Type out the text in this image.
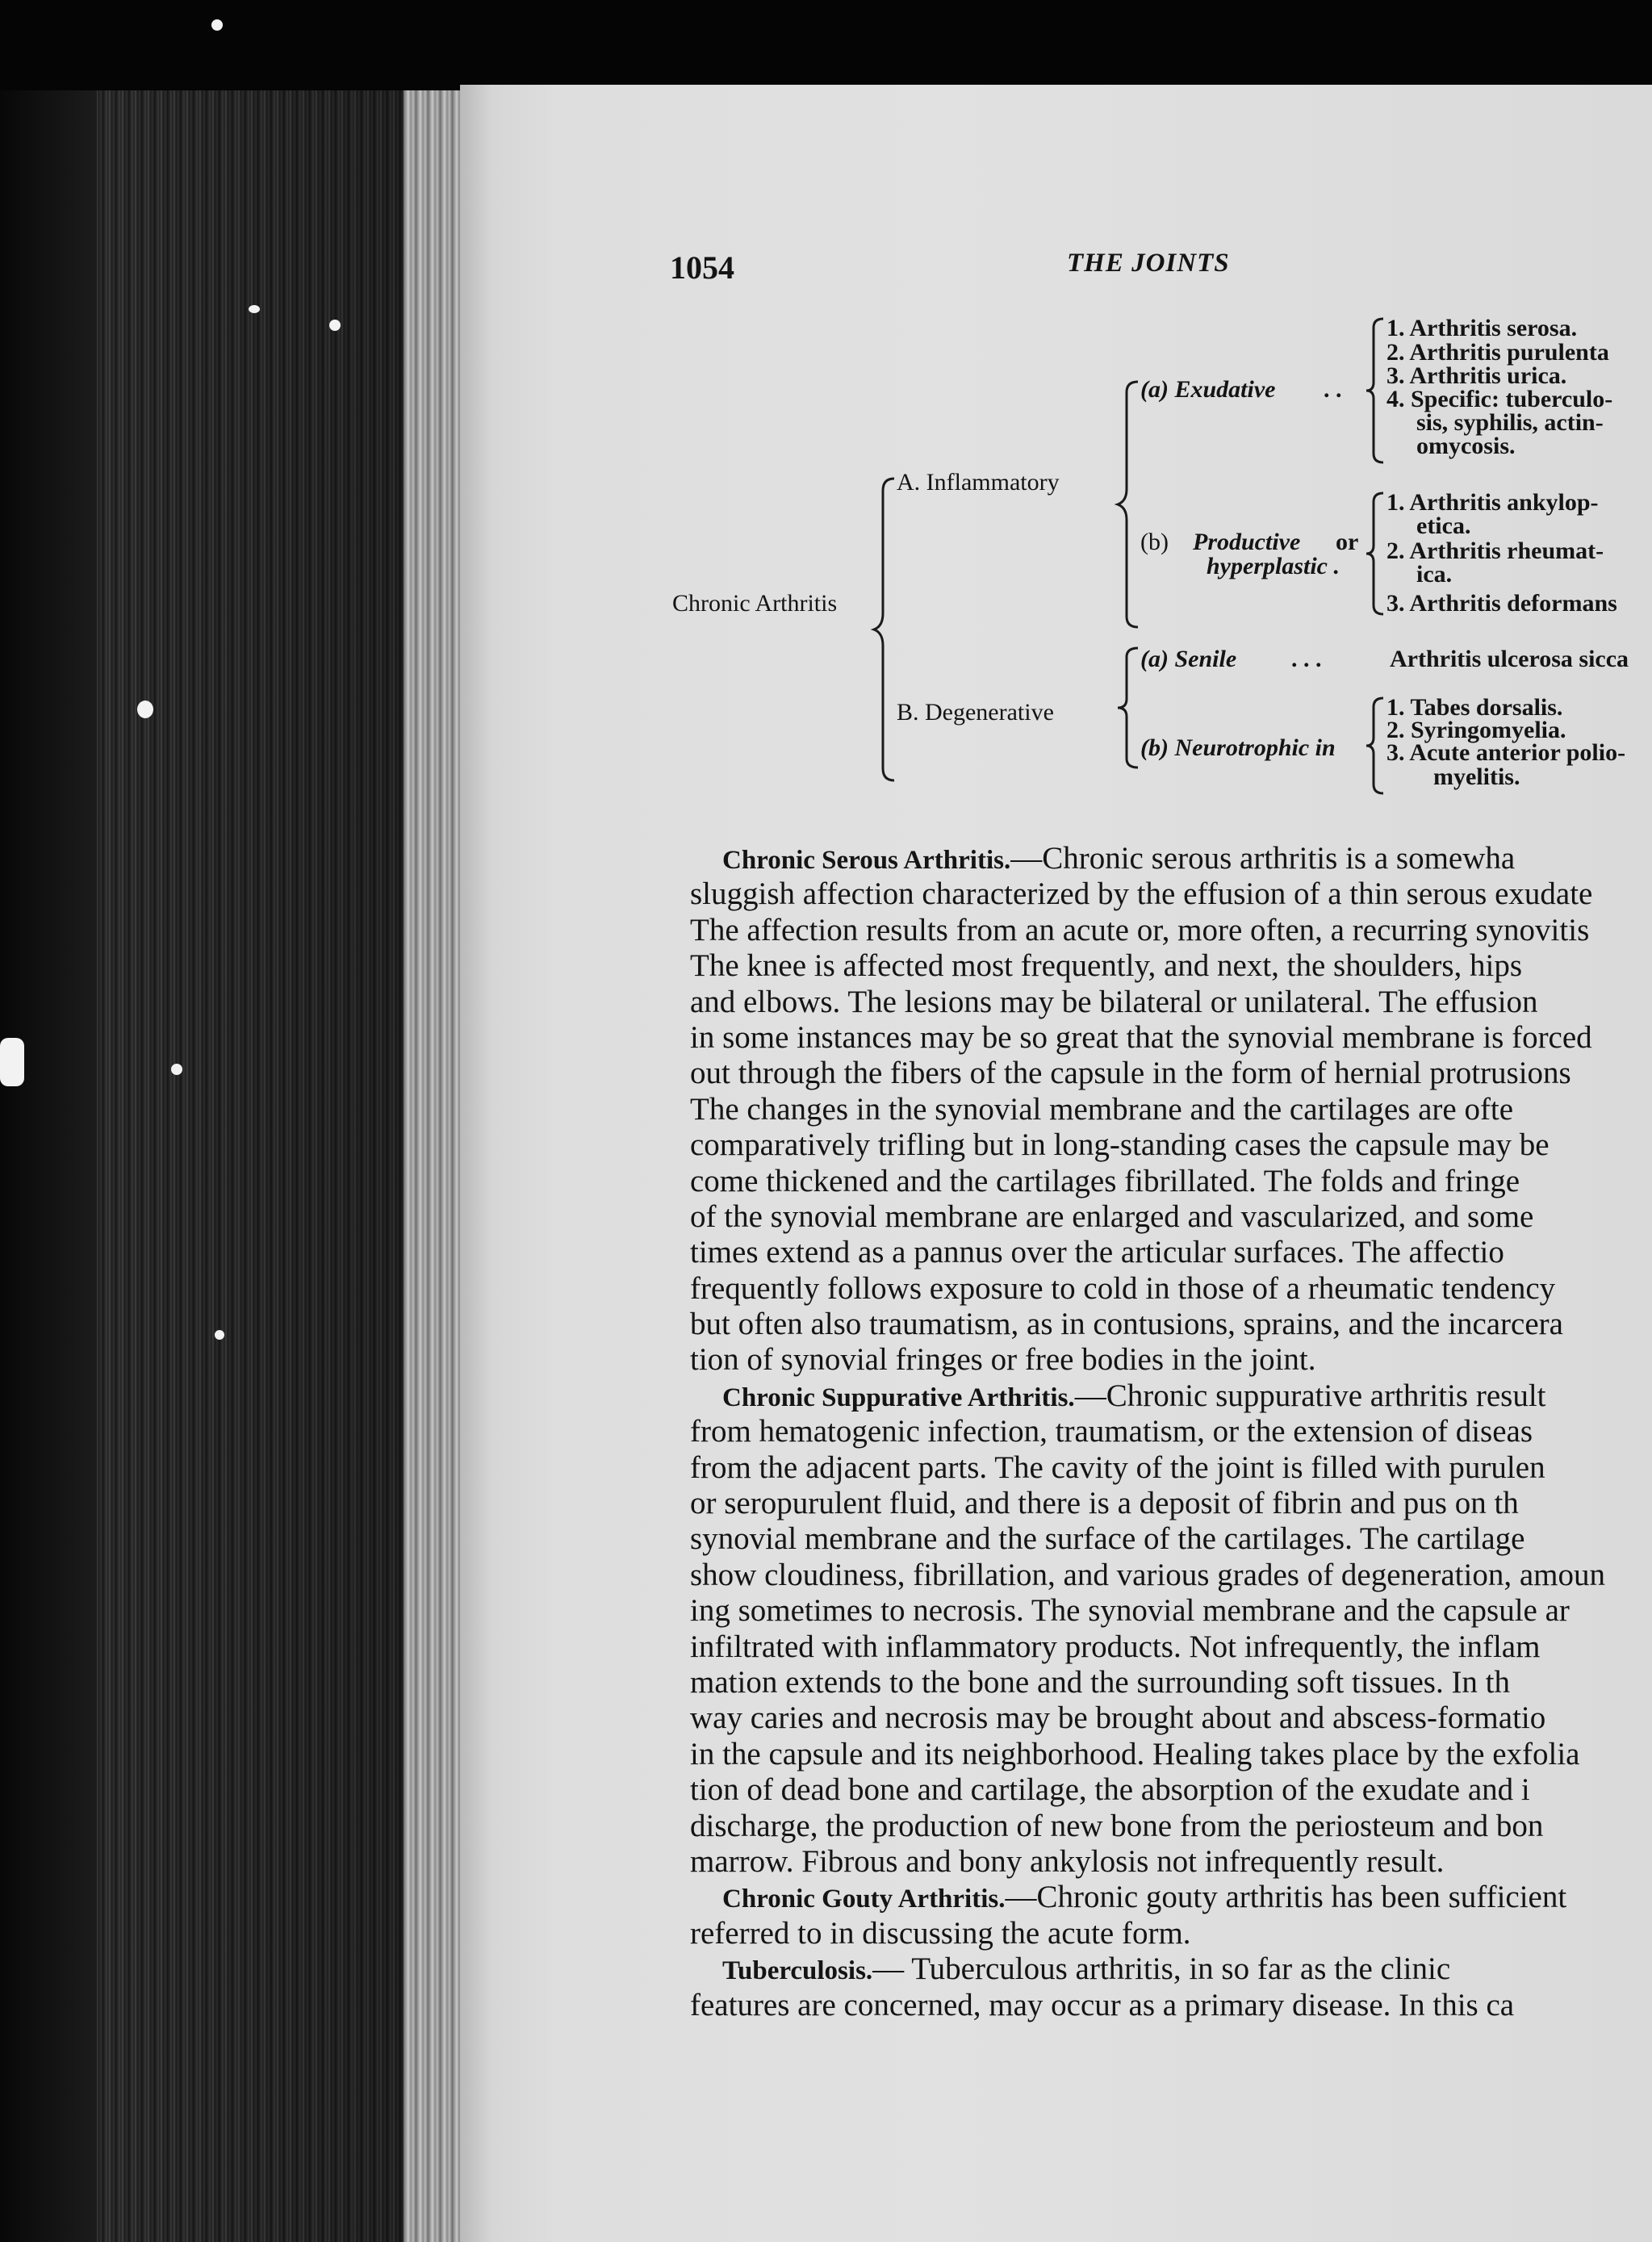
1054	THE JOINTS
Chronic Arthritis
A. Inflammatory
(a) Exudative . .
1. Arthritis serosa.
2. Arthritis purulenta
3. Arthritis urica.
4. Specific: tuberculo-
sis, syphilis, actin-
omycosis.
(b) Productive or
hyperplastic .
1. Arthritis ankylop-
etica.
2. Arthritis rheumat-
ica.
3. Arthritis deformans
B. Degenerative
(a) Senile . . .	Arthritis ulcerosa sicca
(b) Neurotrophic in
1. Tabes dorsalis.
2. Syringomyelia.
3. Acute anterior polio-
myelitis.
Chronic Serous Arthritis.—Chronic serous arthritis is a somewha
sluggish affection characterized by the effusion of a thin serous exudate
The affection results from an acute or, more often, a recurring synovitis
The knee is affected most frequently, and next, the shoulders, hips
and elbows. The lesions may be bilateral or unilateral. The effusion
in some instances may be so great that the synovial membrane is forced
out through the fibers of the capsule in the form of hernial protrusions
The changes in the synovial membrane and the cartilages are ofte
comparatively trifling but in long-standing cases the capsule may be
come thickened and the cartilages fibrillated. The folds and fringe
of the synovial membrane are enlarged and vascularized, and some
times extend as a pannus over the articular surfaces. The affectio
frequently follows exposure to cold in those of a rheumatic tendency
but often also traumatism, as in contusions, sprains, and the incarcera
tion of synovial fringes or free bodies in the joint.
Chronic Suppurative Arthritis.—Chronic suppurative arthritis result
from hematogenic infection, traumatism, or the extension of diseas
from the adjacent parts. The cavity of the joint is filled with purulen
or seropurulent fluid, and there is a deposit of fibrin and pus on th
synovial membrane and the surface of the cartilages. The cartilage
show cloudiness, fibrillation, and various grades of degeneration, amoun
ing sometimes to necrosis. The synovial membrane and the capsule ar
infiltrated with inflammatory products. Not infrequently, the inflam
mation extends to the bone and the surrounding soft tissues. In th
way caries and necrosis may be brought about and abscess-formatio
in the capsule and its neighborhood. Healing takes place by the exfolia
tion of dead bone and cartilage, the absorption of the exudate and i
discharge, the production of new bone from the periosteum and bon
marrow. Fibrous and bony ankylosis not infrequently result.
Chronic Gouty Arthritis.—Chronic gouty arthritis has been sufficient
referred to in discussing the acute form.
Tuberculosis.— Tuberculous arthritis, in so far as the clinic
features are concerned, may occur as a primary disease. In this ca
